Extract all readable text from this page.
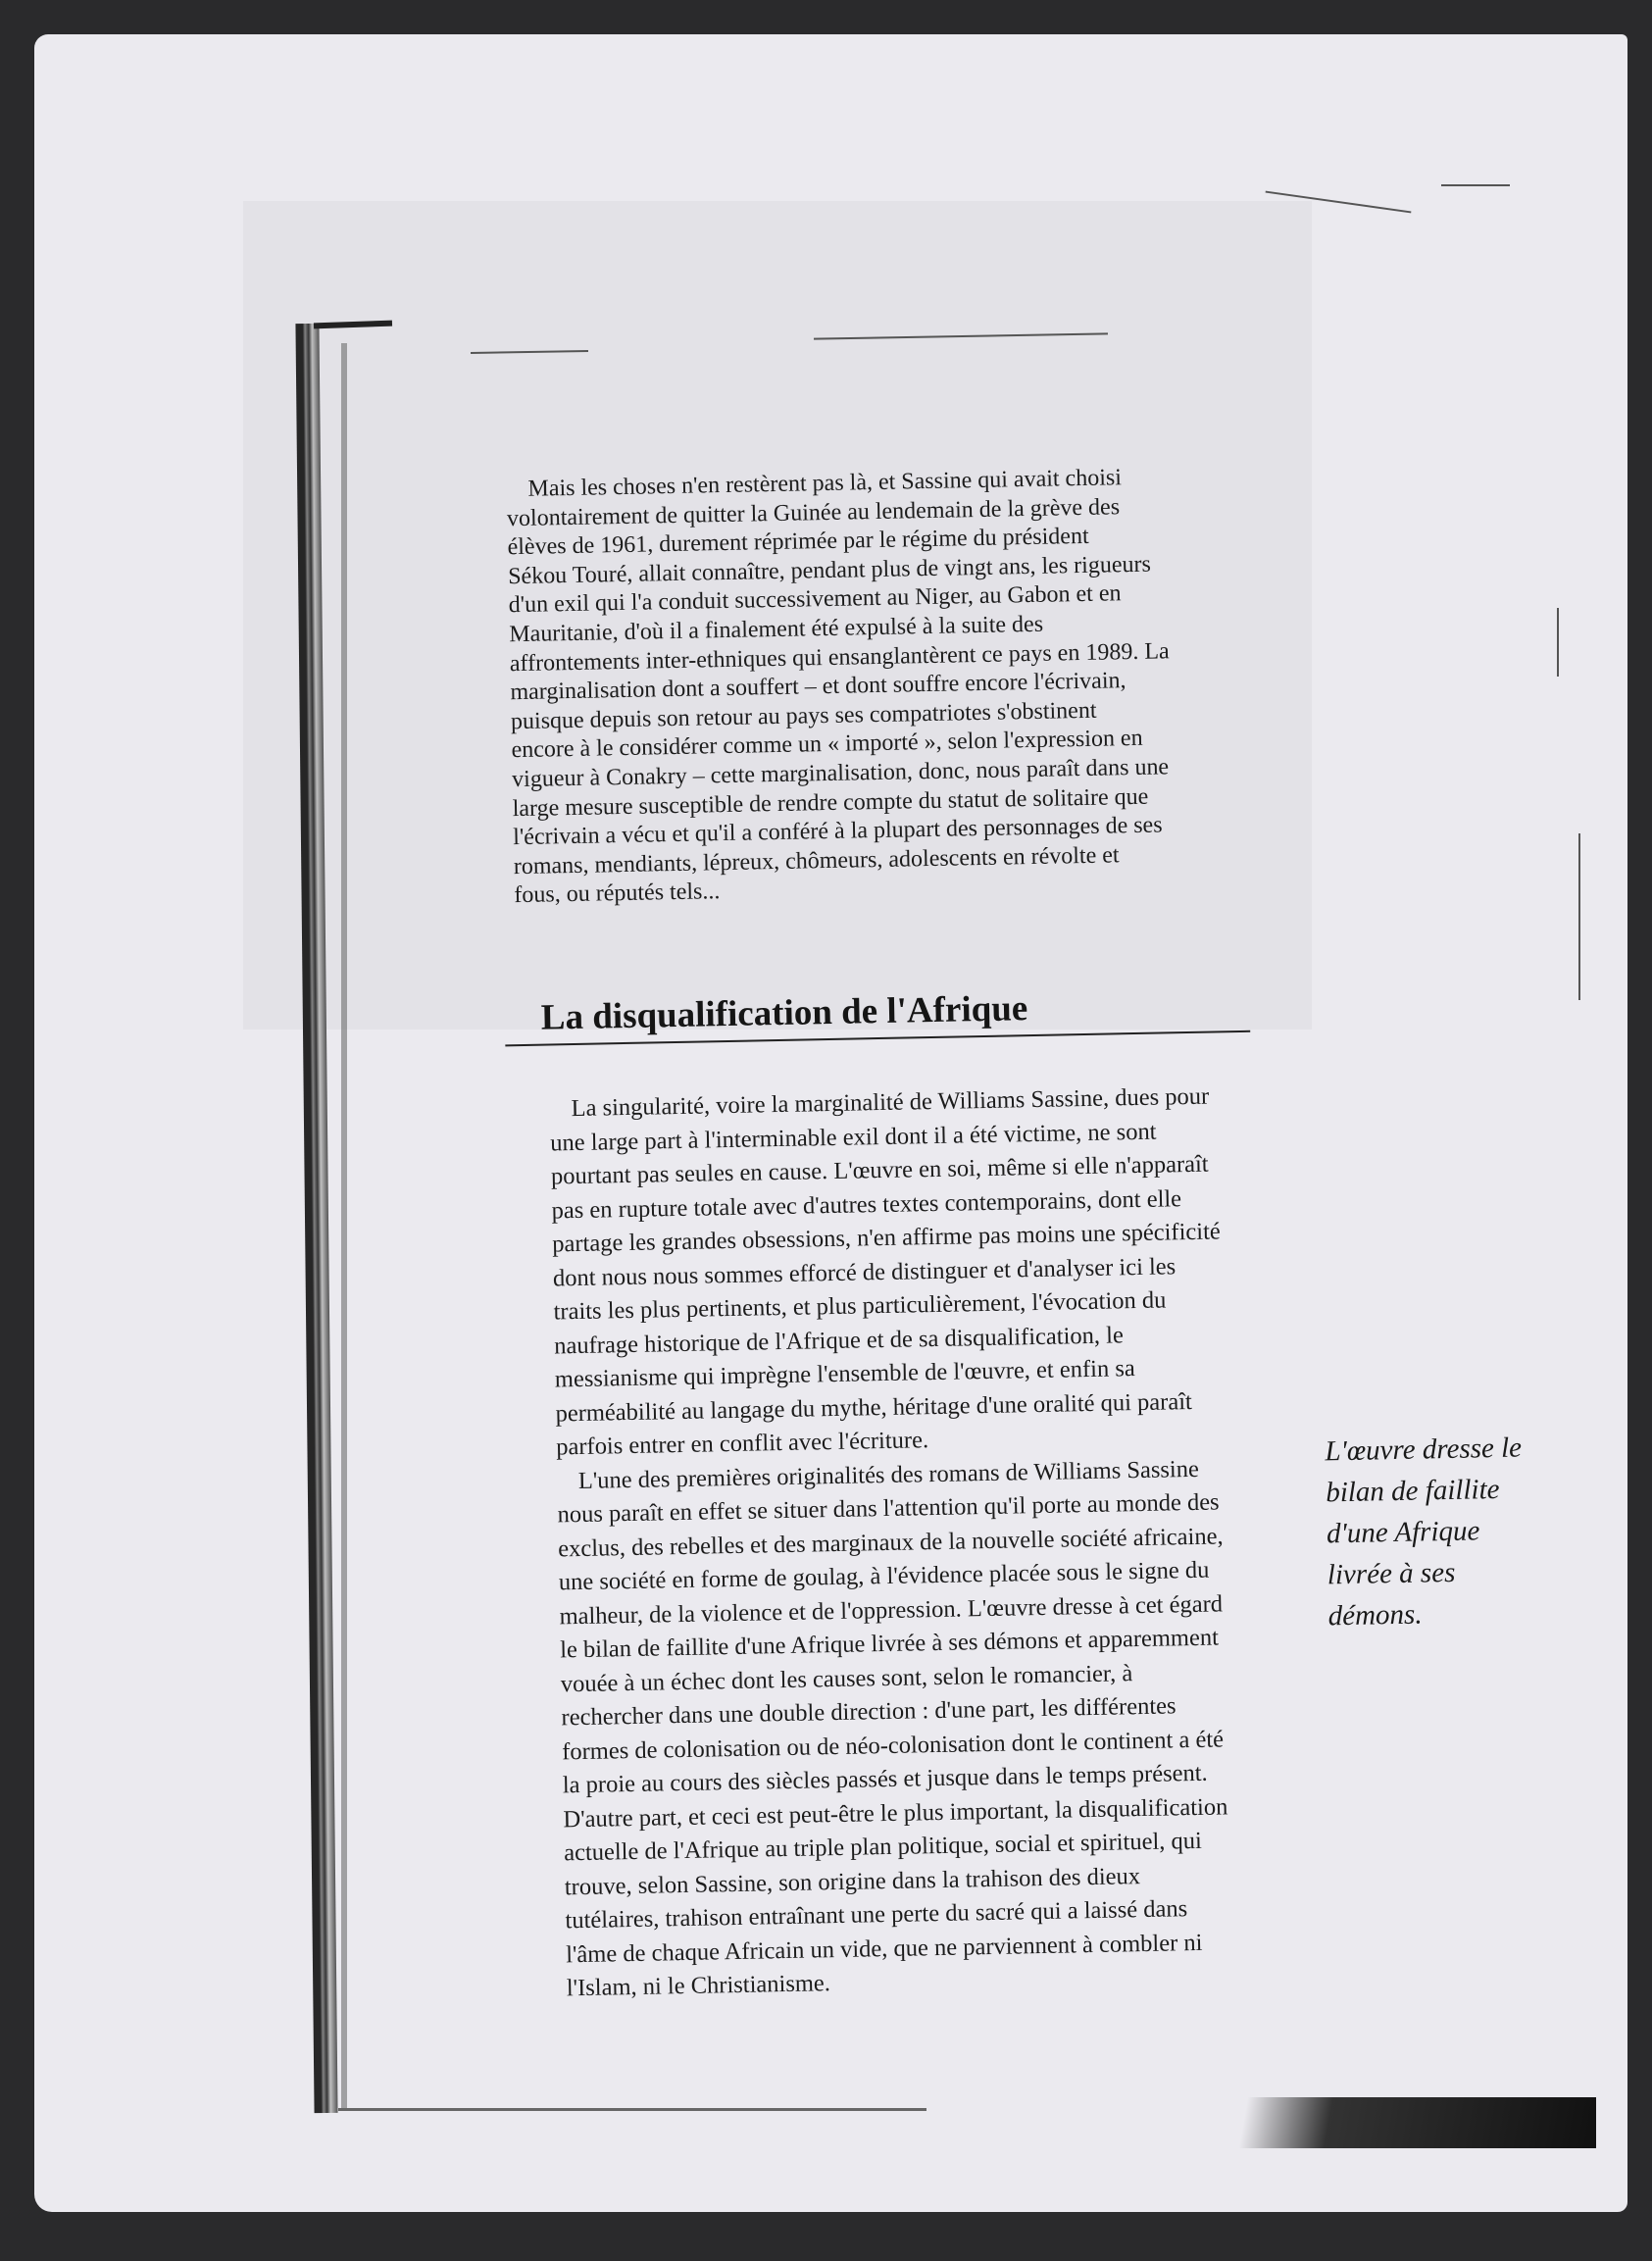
Mais les choses n'en restèrent pas là, et Sassine qui avait choisi
volontairement de quitter la Guinée au lendemain de la grève des
élèves de 1961, durement réprimée par le régime du président
Sékou Touré, allait connaître, pendant plus de vingt ans, les rigueurs
d'un exil qui l'a conduit successivement au Niger, au Gabon et en
Mauritanie, d'où il a finalement été expulsé à la suite des
affrontements inter-ethniques qui ensanglantèrent ce pays en 1989. La
marginalisation dont a souffert – et dont souffre encore l'écrivain,
puisque depuis son retour au pays ses compatriotes s'obstinent
encore à le considérer comme un « importé », selon l'expression en
vigueur à Conakry – cette marginalisation, donc, nous paraît dans une
large mesure susceptible de rendre compte du statut de solitaire que
l'écrivain a vécu et qu'il a conféré à la plupart des personnages de ses
romans, mendiants, lépreux, chômeurs, adolescents en révolte et
fous, ou réputés tels...
La disqualification de l'Afrique
La singularité, voire la marginalité de Williams Sassine, dues pour
une large part à l'interminable exil dont il a été victime, ne sont
pourtant pas seules en cause. L'œuvre en soi, même si elle n'apparaît
pas en rupture totale avec d'autres textes contemporains, dont elle
partage les grandes obsessions, n'en affirme pas moins une spécificité
dont nous nous sommes efforcé de distinguer et d'analyser ici les
traits les plus pertinents, et plus particulièrement, l'évocation du
naufrage historique de l'Afrique et de sa disqualification, le
messianisme qui imprègne l'ensemble de l'œuvre, et enfin sa
perméabilité au langage du mythe, héritage d'une oralité qui paraît
parfois entrer en conflit avec l'écriture.
L'une des premières originalités des romans de Williams Sassine
nous paraît en effet se situer dans l'attention qu'il porte au monde des
exclus, des rebelles et des marginaux de la nouvelle société africaine,
une société en forme de goulag, à l'évidence placée sous le signe du
malheur, de la violence et de l'oppression. L'œuvre dresse à cet égard
le bilan de faillite d'une Afrique livrée à ses démons et apparemment
vouée à un échec dont les causes sont, selon le romancier, à
rechercher dans une double direction : d'une part, les différentes
formes de colonisation ou de néo-colonisation dont le continent a été
la proie au cours des siècles passés et jusque dans le temps présent.
D'autre part, et ceci est peut-être le plus important, la disqualification
actuelle de l'Afrique au triple plan politique, social et spirituel, qui
trouve, selon Sassine, son origine dans la trahison des dieux
tutélaires, trahison entraînant une perte du sacré qui a laissé dans
l'âme de chaque Africain un vide, que ne parviennent à combler ni
l'Islam, ni le Christianisme.
L'œuvre dresse le
bilan de faillite
d'une Afrique
livrée à ses
démons.
